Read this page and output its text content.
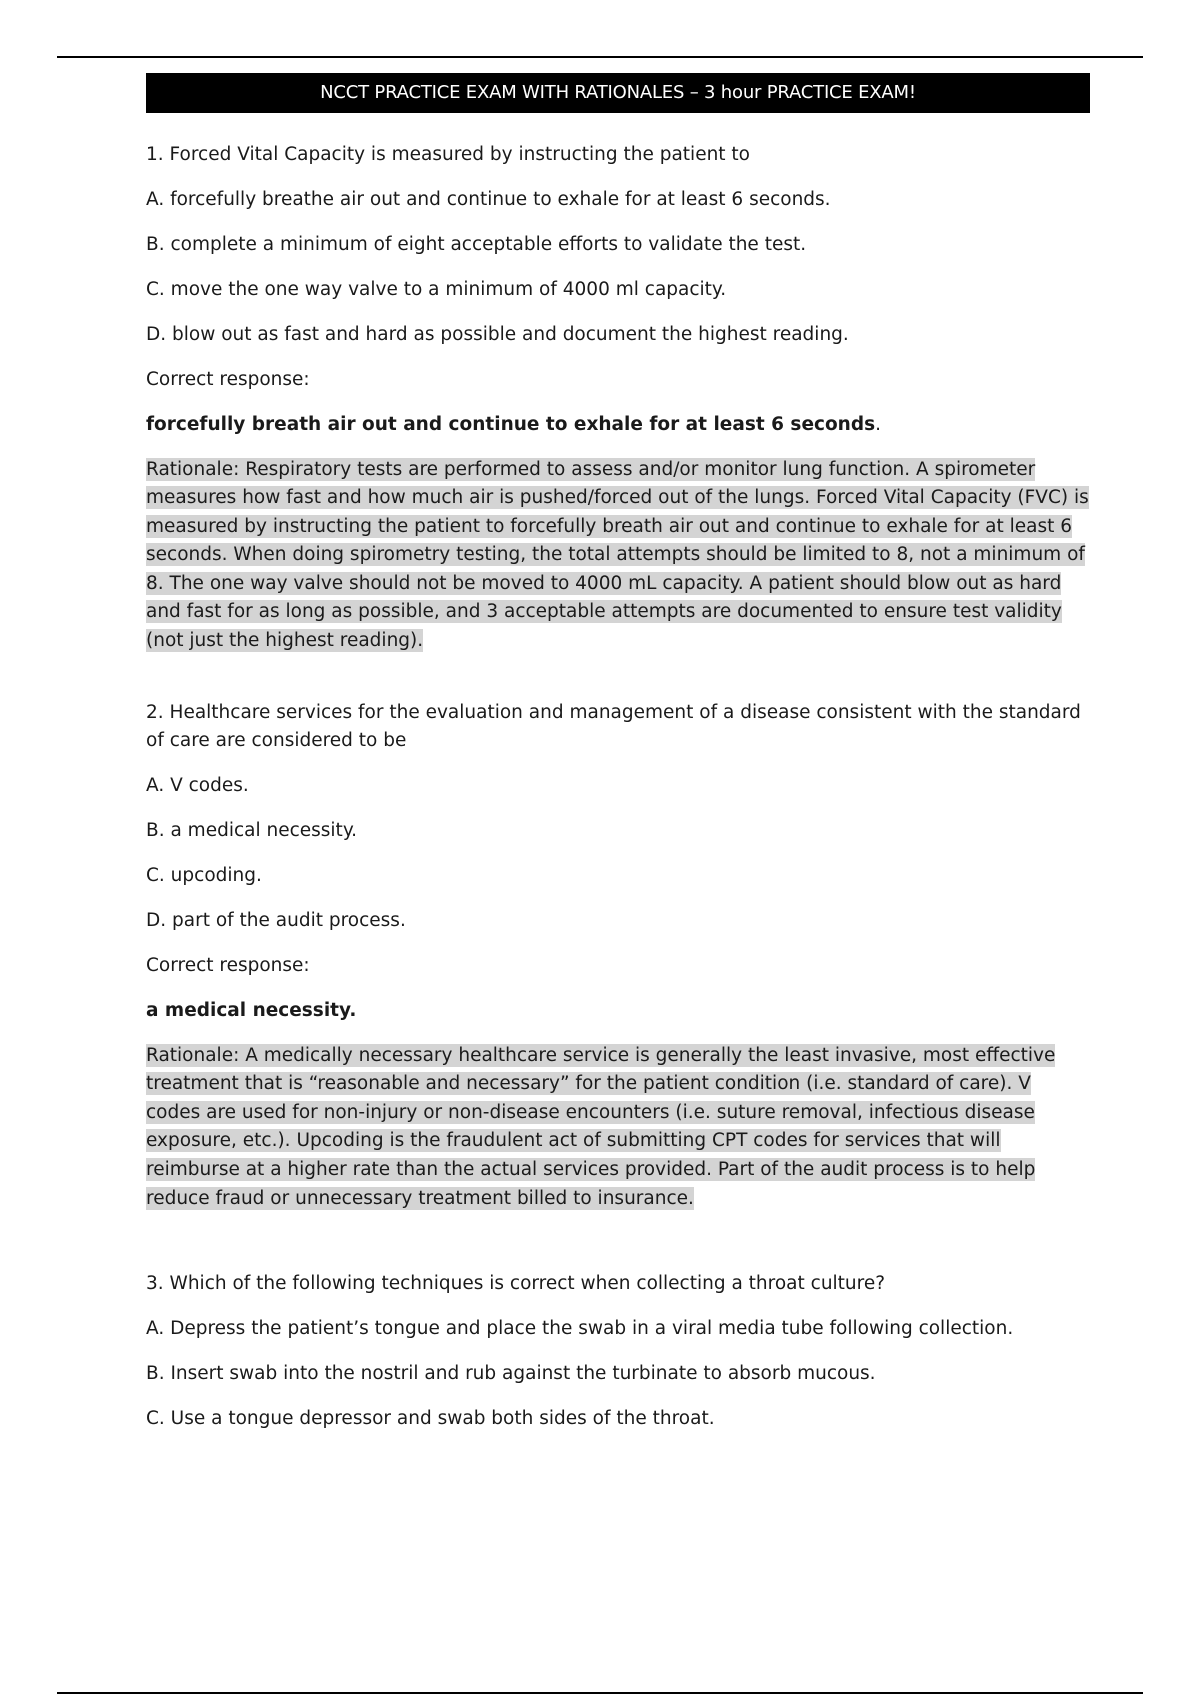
NCCT PRACTICE EXAM WITH RATIONALES – 3 hour PRACTICE EXAM!

1. Forced Vital Capacity is measured by instructing the patient to

A. forcefully breathe air out and continue to exhale for at least 6 seconds.

B. complete a minimum of eight acceptable efforts to validate the test.

C. move the one way valve to a minimum of 4000 ml capacity.

D. blow out as fast and hard as possible and document the highest reading.

Correct response:

forcefully breath air out and continue to exhale for at least 6 seconds.

Rationale: Respiratory tests are performed to assess and/or monitor lung function. A spirometer measures how fast and how much air is pushed/forced out of the lungs. Forced Vital Capacity (FVC) is measured by instructing the patient to forcefully breath air out and continue to exhale for at least 6 seconds. When doing spirometry testing, the total attempts should be limited to 8, not a minimum of 8. The one way valve should not be moved to 4000 mL capacity. A patient should blow out as hard and fast for as long as possible, and 3 acceptable attempts are documented to ensure test validity (not just the highest reading).

2. Healthcare services for the evaluation and management of a disease consistent with the standard of care are considered to be

A. V codes.

B. a medical necessity.

C. upcoding.

D. part of the audit process.

Correct response:

a medical necessity.

Rationale: A medically necessary healthcare service is generally the least invasive, most effective treatment that is “reasonable and necessary” for the patient condition (i.e. standard of care). V codes are used for non-injury or non-disease encounters (i.e. suture removal, infectious disease exposure, etc.). Upcoding is the fraudulent act of submitting CPT codes for services that will reimburse at a higher rate than the actual services provided. Part of the audit process is to help reduce fraud or unnecessary treatment billed to insurance.

3. Which of the following techniques is correct when collecting a throat culture?

A. Depress the patient’s tongue and place the swab in a viral media tube following collection.

B. Insert swab into the nostril and rub against the turbinate to absorb mucous.

C. Use a tongue depressor and swab both sides of the throat.
